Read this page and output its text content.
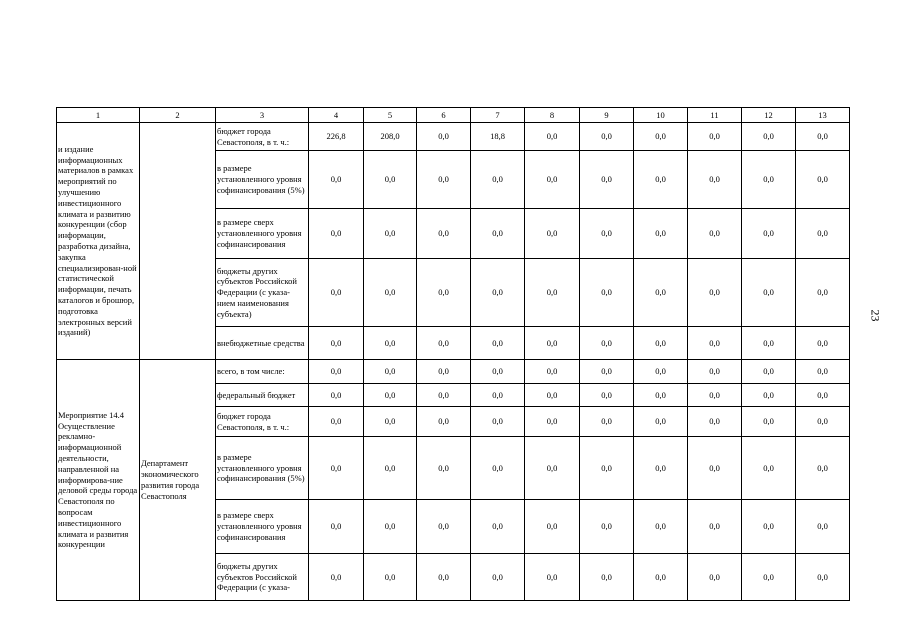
1	2	3	4	5	6	7	8	9	10	11	12	13
и издание информационных материалов в рамках мероприятий по улучшению инвестиционного климата и развитию конкуренции (сбор информации, разработка дизайна, закупка специализирован-ной статистической информации, печать каталогов и брошюр, подготовка электронных версий изданий)		бюджет города Севастополя, в т. ч.:	226,8	208,0	0,0	18,8	0,0	0,0	0,0	0,0	0,0	0,0
		в размере установленного уровня софинансирования (5%)	0,0	0,0	0,0	0,0	0,0	0,0	0,0	0,0	0,0	0,0
		в размере сверх установленного уровня софинансирования	0,0	0,0	0,0	0,0	0,0	0,0	0,0	0,0	0,0	0,0
		бюджеты других субъектов Российской Федерации (с указа-нием наименования субъекта)	0,0	0,0	0,0	0,0	0,0	0,0	0,0	0,0	0,0	0,0
		внебюджетные средства	0,0	0,0	0,0	0,0	0,0	0,0	0,0	0,0	0,0	0,0
Мероприятие 14.4 Осуществление рекламно-информационной деятельности, направленной на информирова-ние деловой среды города Севастополя по вопросам инвестиционного климата и развития конкуренции	Департамент экономического развития города Севастополя	всего, в том числе:	0,0	0,0	0,0	0,0	0,0	0,0	0,0	0,0	0,0	0,0
		федеральный бюджет	0,0	0,0	0,0	0,0	0,0	0,0	0,0	0,0	0,0	0,0
		бюджет города Севастополя, в т. ч.:	0,0	0,0	0,0	0,0	0,0	0,0	0,0	0,0	0,0	0,0
		в размере установленного уровня софинансирования (5%)	0,0	0,0	0,0	0,0	0,0	0,0	0,0	0,0	0,0	0,0
		в размере сверх установленного уровня софинансирования	0,0	0,0	0,0	0,0	0,0	0,0	0,0	0,0	0,0	0,0
		бюджеты других субъектов Российской Федерации (с указа-	0,0	0,0	0,0	0,0	0,0	0,0	0,0	0,0	0,0	0,0
23
